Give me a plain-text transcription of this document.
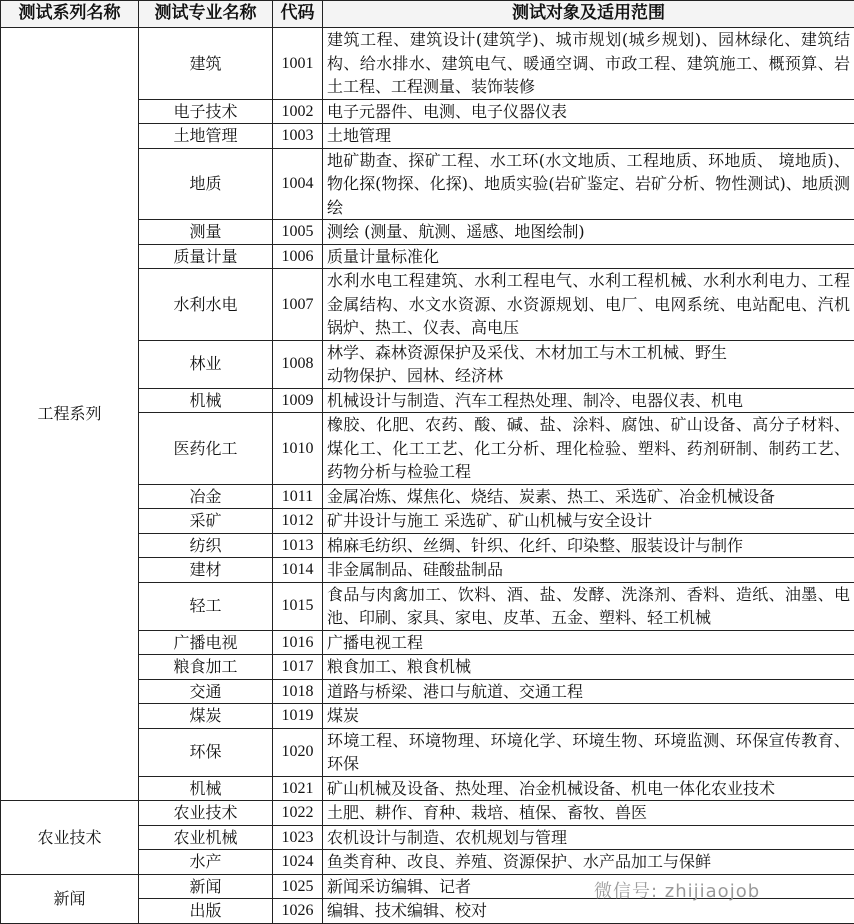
测试系列名称	测试专业名称	代码	测试对象及适用范围
工程系列	建筑	1001	建筑工程、建筑设计(建筑学)、城市规划(城乡规划)、园林绿化、建筑结构、给水排水、建筑电气、暖通空调、市政工程、建筑施工、概预算、岩土工程、工程测量、装饰装修
	电子技术	1002	电子元器件、电测、电子仪器仪表
	土地管理	1003	土地管理
	地质	1004	地矿勘查、探矿工程、水工环(水文地质、工程地质、环地质、 境地质)、物化探(物探、化探)、地质实验(岩矿鉴定、岩矿分析、物性测试)、地质测绘
	测量	1005	测绘 (测量、航测、遥感、地图绘制)
	质量计量	1006	质量计量标准化
	水利水电	1007	水利水电工程建筑、水利工程电气、水利工程机械、水利水利电力、工程金属结构、水文水资源、水资源规划、电厂、电网系统、电站配电、汽机锅炉、热工、仪表、高电压
	林业	1008	林学、森林资源保护及采伐、木材加工与木工机械、野生
动物保护、园林、经济林
	机械	1009	机械设计与制造、汽车工程热处理、制冷、电器仪表、机电
	医药化工	1010	橡胶、化肥、农药、酸、碱、盐、涂料、腐蚀、矿山设备、高分子材料、煤化工、化工工艺、化工分析、理化检验、塑料、药剂研制、制药工艺、药物分析与检验工程
	冶金	1011	金属冶炼、煤焦化、烧结、炭素、热工、采选矿、冶金机械设备
	采矿	1012	矿井设计与施工 采选矿、矿山机械与安全设计
	纺织	1013	棉麻毛纺织、丝绸、针织、化纤、印染整、服装设计与制作
	建材	1014	非金属制品、硅酸盐制品
	轻工	1015	食品与肉禽加工、饮料、酒、盐、发酵、洗涤剂、香料、造纸、油墨、电池、印刷、家具、家电、皮革、五金、塑料、轻工机械
	广播电视	1016	广播电视工程
	粮食加工	1017	粮食加工、粮食机械
	交通	1018	道路与桥梁、港口与航道、交通工程
	煤炭	1019	煤炭
	环保	1020	环境工程、环境物理、环境化学、环境生物、环境监测、环保宣传教育、环保
	机械	1021	矿山机械及设备、热处理、冶金机械设备、机电一体化农业技术
农业技术	农业技术	1022	土肥、耕作、育种、栽培、植保、畜牧、兽医
	农业机械	1023	农机设计与制造、农机规划与管理
	水产	1024	鱼类育种、改良、养殖、资源保护、水产品加工与保鲜
新闻	新闻	1025	新闻采访编辑、记者
	出版	1026	编辑、技术编辑、校对
微信号: zhijiaojob
